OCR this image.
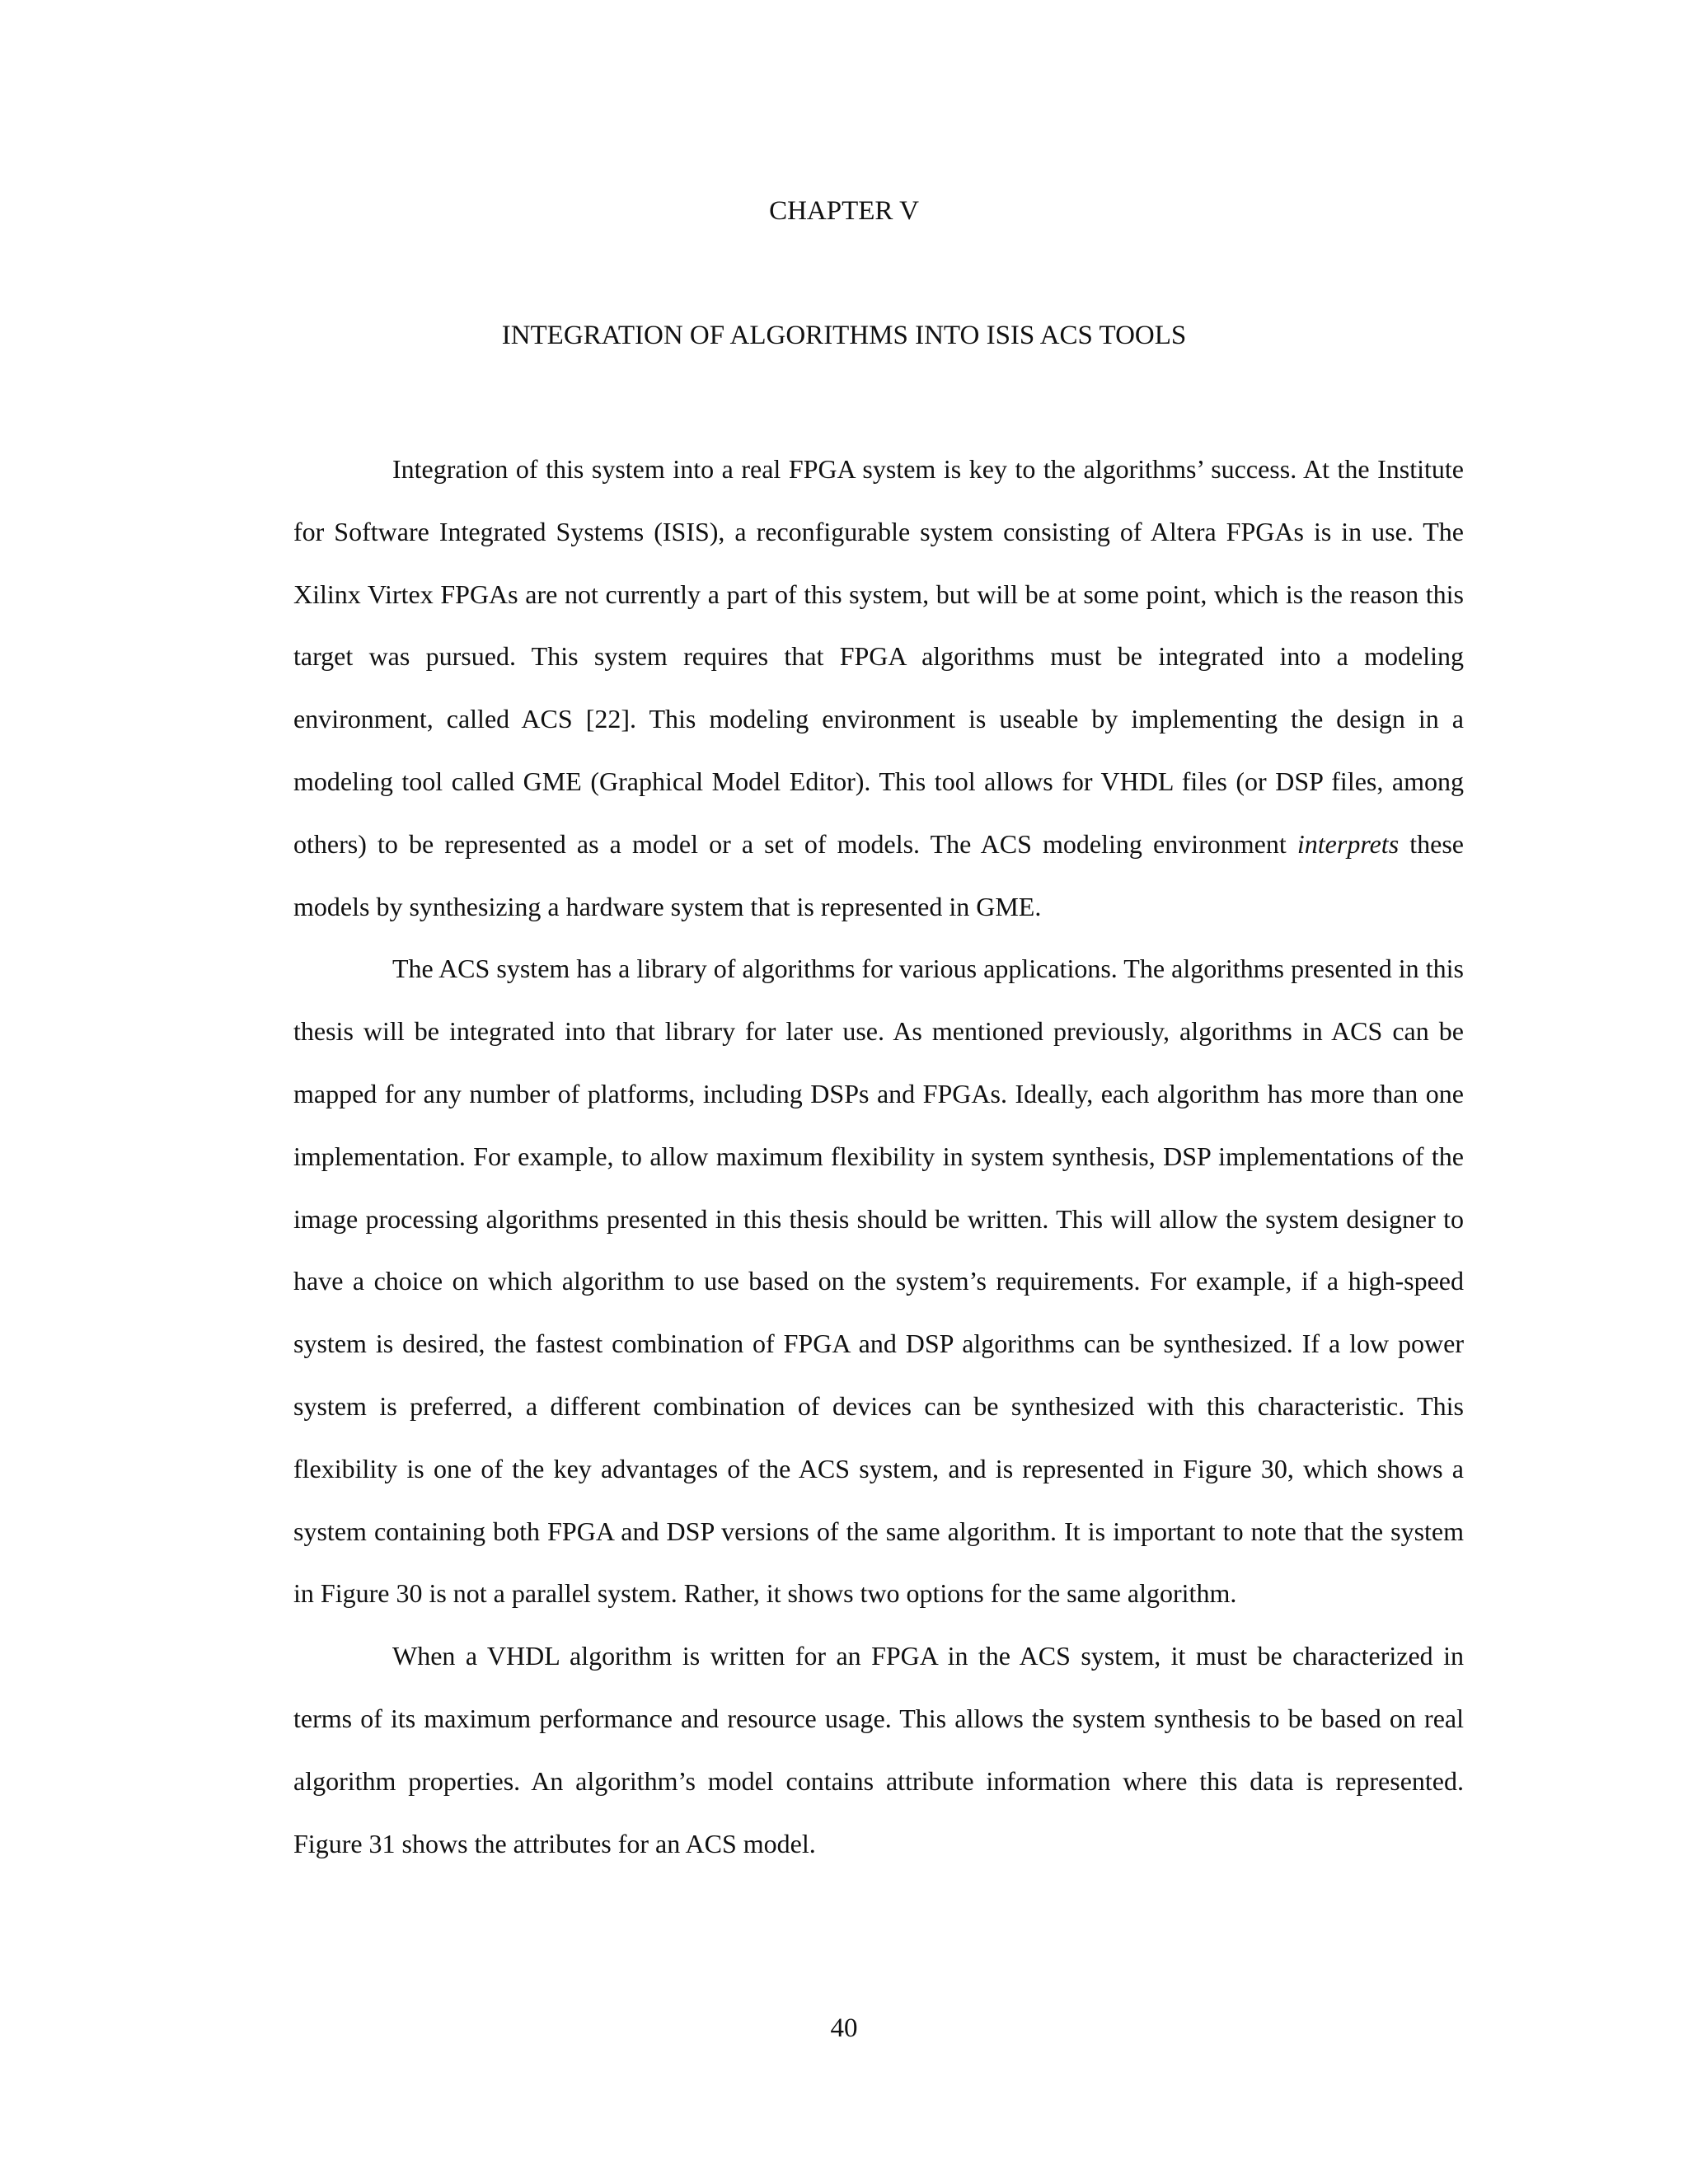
CHAPTER V
INTEGRATION OF ALGORITHMS INTO ISIS ACS TOOLS

Integration of this system into a real FPGA system is key to the algorithms’ success. At the Institute for Software Integrated Systems (ISIS), a reconfigurable system consisting of Altera FPGAs is in use. The Xilinx Virtex FPGAs are not currently a part of this system, but will be at some point, which is the reason this target was pursued. This system requires that FPGA algorithms must be integrated into a modeling environment, called ACS [22]. This modeling environment is useable by implementing the design in a modeling tool called GME (Graphical Model Editor). This tool allows for VHDL files (or DSP files, among others) to be represented as a model or a set of models. The ACS modeling environment interprets these models by synthesizing a hardware system that is represented in GME.

The ACS system has a library of algorithms for various applications. The algorithms presented in this thesis will be integrated into that library for later use. As mentioned previously, algorithms in ACS can be mapped for any number of platforms, including DSPs and FPGAs. Ideally, each algorithm has more than one implementation. For example, to allow maximum flexibility in system synthesis, DSP implementations of the image processing algorithms presented in this thesis should be written. This will allow the system designer to have a choice on which algorithm to use based on the system’s requirements. For example, if a high-speed system is desired, the fastest combination of FPGA and DSP algorithms can be synthesized. If a low power system is preferred, a different combination of devices can be synthesized with this characteristic. This flexibility is one of the key advantages of the ACS system, and is represented in Figure 30, which shows a system containing both FPGA and DSP versions of the same algorithm. It is important to note that the system in Figure 30 is not a parallel system. Rather, it shows two options for the same algorithm.

When a VHDL algorithm is written for an FPGA in the ACS system, it must be characterized in terms of its maximum performance and resource usage. This allows the system synthesis to be based on real algorithm properties. An algorithm’s model contains attribute information where this data is represented. Figure 31 shows the attributes for an ACS model.

40
